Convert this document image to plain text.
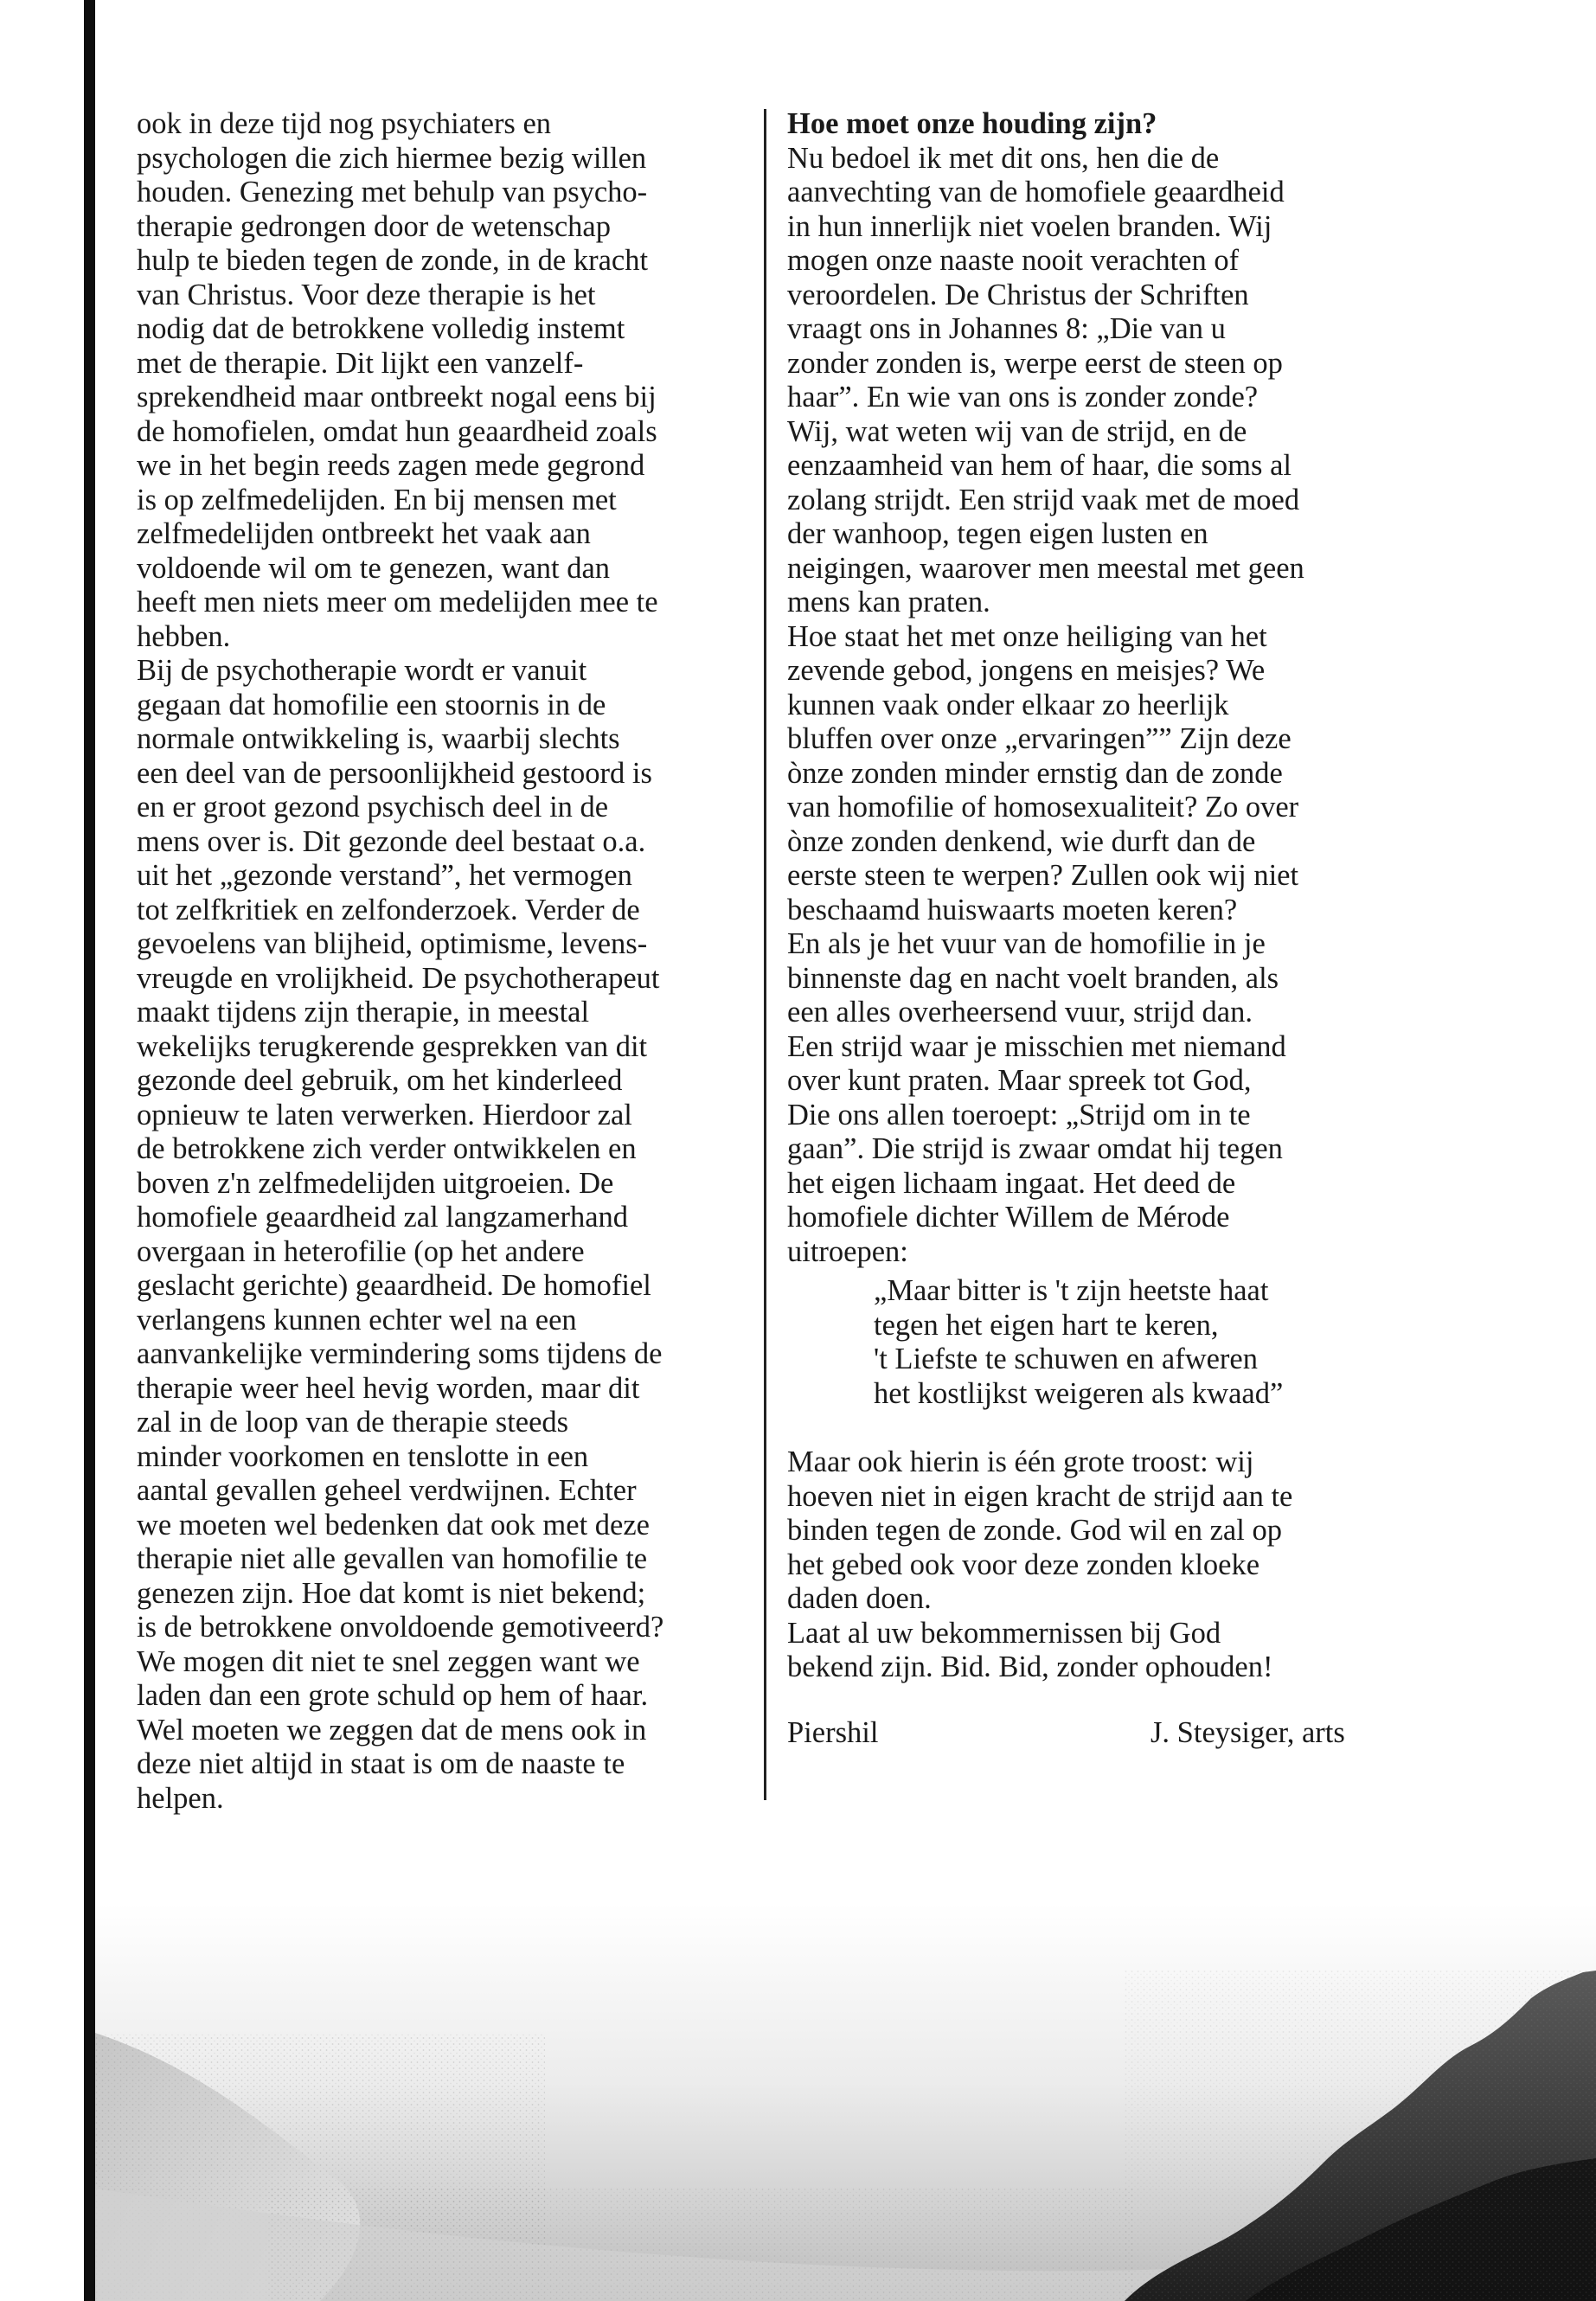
ook in deze tijd nog psychiaters en
psychologen die zich hiermee bezig willen
houden. Genezing met behulp van psycho-
therapie gedrongen door de wetenschap
hulp te bieden tegen de zonde, in de kracht
van Christus. Voor deze therapie is het
nodig dat de betrokkene volledig instemt
met de therapie. Dit lijkt een vanzelf-
sprekendheid maar ontbreekt nogal eens bij
de homofielen, omdat hun geaardheid zoals
we in het begin reeds zagen mede gegrond
is op zelfmedelijden. En bij mensen met
zelfmedelijden ontbreekt het vaak aan
voldoende wil om te genezen, want dan
heeft men niets meer om medelijden mee te
hebben.
Bij de psychotherapie wordt er vanuit
gegaan dat homofilie een stoornis in de
normale ontwikkeling is, waarbij slechts
een deel van de persoonlijkheid gestoord is
en er groot gezond psychisch deel in de
mens over is. Dit gezonde deel bestaat o.a.
uit het „gezonde verstand”, het vermogen
tot zelfkritiek en zelfonderzoek. Verder de
gevoelens van blijheid, optimisme, levens-
vreugde en vrolijkheid. De psychotherapeut
maakt tijdens zijn therapie, in meestal
wekelijks terugkerende gesprekken van dit
gezonde deel gebruik, om het kinderleed
opnieuw te laten verwerken. Hierdoor zal
de betrokkene zich verder ontwikkelen en
boven z'n zelfmedelijden uitgroeien. De
homofiele geaardheid zal langzamerhand
overgaan in heterofilie (op het andere
geslacht gerichte) geaardheid. De homofiel
verlangens kunnen echter wel na een
aanvankelijke vermindering soms tijdens de
therapie weer heel hevig worden, maar dit
zal in de loop van de therapie steeds
minder voorkomen en tenslotte in een
aantal gevallen geheel verdwijnen. Echter
we moeten wel bedenken dat ook met deze
therapie niet alle gevallen van homofilie te
genezen zijn. Hoe dat komt is niet bekend;
is de betrokkene onvoldoende gemotiveerd?
We mogen dit niet te snel zeggen want we
laden dan een grote schuld op hem of haar.
Wel moeten we zeggen dat de mens ook in
deze niet altijd in staat is om de naaste te
helpen.
Hoe moet onze houding zijn?
Nu bedoel ik met dit ons, hen die de
aanvechting van de homofiele geaardheid
in hun innerlijk niet voelen branden. Wij
mogen onze naaste nooit verachten of
veroordelen. De Christus der Schriften
vraagt ons in Johannes 8: „Die van u
zonder zonden is, werpe eerst de steen op
haar”. En wie van ons is zonder zonde?
Wij, wat weten wij van de strijd, en de
eenzaamheid van hem of haar, die soms al
zolang strijdt. Een strijd vaak met de moed
der wanhoop, tegen eigen lusten en
neigingen, waarover men meestal met geen
mens kan praten.
Hoe staat het met onze heiliging van het
zevende gebod, jongens en meisjes? We
kunnen vaak onder elkaar zo heerlijk
bluffen over onze „ervaringen”” Zijn deze
ònze zonden minder ernstig dan de zonde
van homofilie of homosexualiteit? Zo over
ònze zonden denkend, wie durft dan de
eerste steen te werpen? Zullen ook wij niet
beschaamd huiswaarts moeten keren?
En als je het vuur van de homofilie in je
binnenste dag en nacht voelt branden, als
een alles overheersend vuur, strijd dan.
Een strijd waar je misschien met niemand
over kunt praten. Maar spreek tot God,
Die ons allen toeroept: „Strijd om in te
gaan”. Die strijd is zwaar omdat hij tegen
het eigen lichaam ingaat. Het deed de
homofiele dichter Willem de Mérode
uitroepen:
„Maar bitter is 't zijn heetste haat
tegen het eigen hart te keren,
't Liefste te schuwen en afweren
het kostlijkst weigeren als kwaad”
Maar ook hierin is één grote troost: wij
hoeven niet in eigen kracht de strijd aan te
binden tegen de zonde. God wil en zal op
het gebed ook voor deze zonden kloeke
daden doen.
Laat al uw bekommernissen bij God
bekend zijn. Bid. Bid, zonder ophouden!
Piershil	J. Steysiger, arts
